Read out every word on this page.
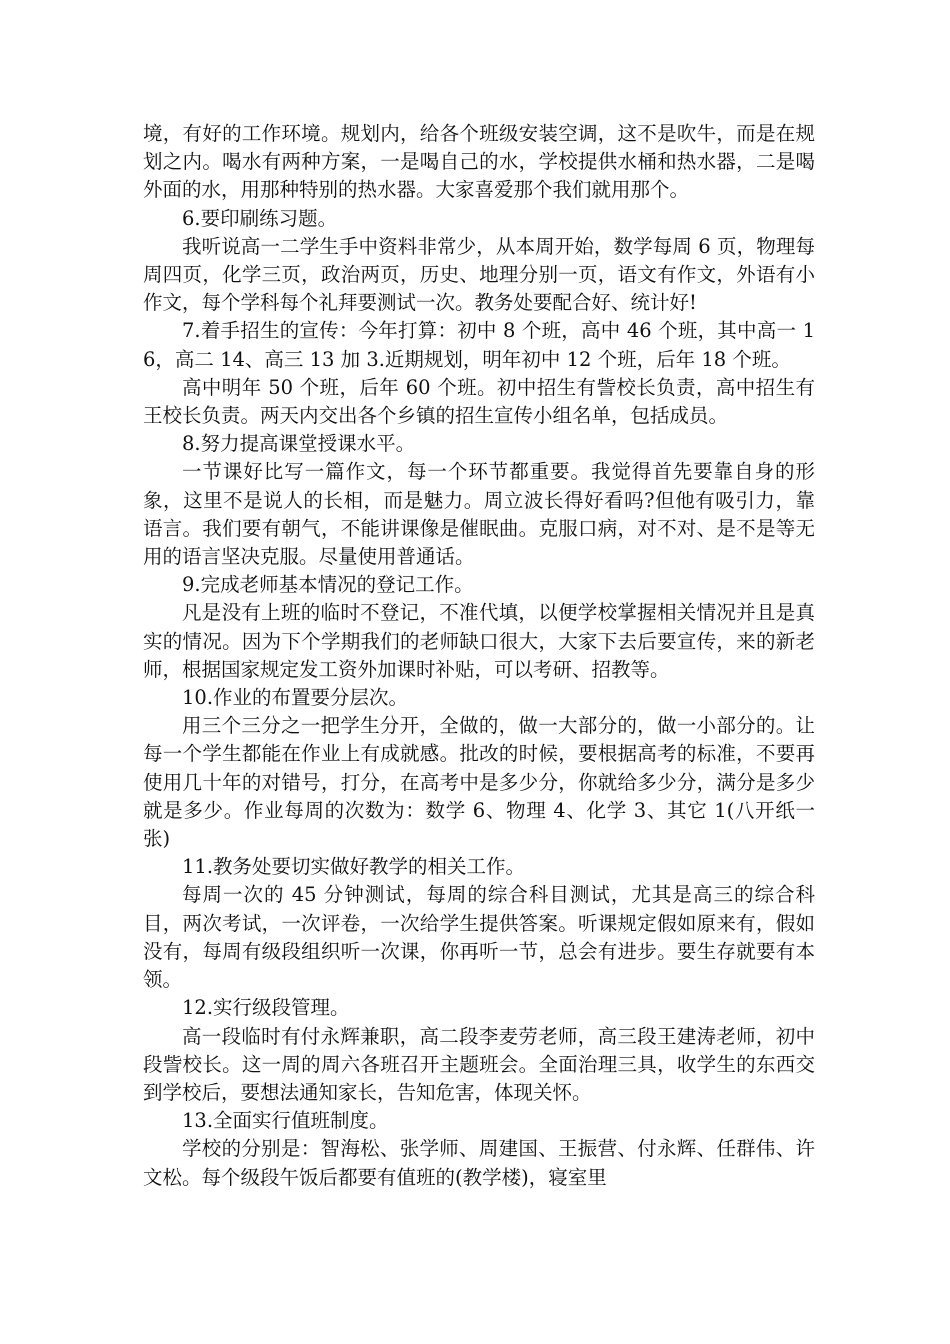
境，有好的工作环境。规划内，给各个班级安装空调，这不是吹牛，而是在规划之内。喝水有两种方案，一是喝自己的水，学校提供水桶和热水器，二是喝外面的水，用那种特别的热水器。大家喜爱那个我们就用那个。

6.要印刷练习题。

我听说高一二学生手中资料非常少，从本周开始，数学每周 6 页，物理每周四页，化学三页，政治两页，历史、地理分别一页，语文有作文，外语有小作文，每个学科每个礼拜要测试一次。教务处要配合好、统计好!

7.着手招生的宣传：今年打算：初中 8 个班，高中 46 个班，其中高一 16，高二 14、高三 13 加 3.近期规划，明年初中 12 个班，后年 18 个班。

高中明年 50 个班，后年 60 个班。初中招生有訾校长负责，高中招生有王校长负责。两天内交出各个乡镇的招生宣传小组名单，包括成员。

8.努力提高课堂授课水平。

一节课好比写一篇作文，每一个环节都重要。我觉得首先要靠自身的形象，这里不是说人的长相，而是魅力。周立波长得好看吗?但他有吸引力，靠语言。我们要有朝气，不能讲课像是催眠曲。克服口病，对不对、是不是等无用的语言坚决克服。尽量使用普通话。

9.完成老师基本情况的登记工作。

凡是没有上班的临时不登记，不准代填，以便学校掌握相关情况并且是真实的情况。因为下个学期我们的老师缺口很大，大家下去后要宣传，来的新老师，根据国家规定发工资外加课时补贴，可以考研、招教等。

10.作业的布置要分层次。

用三个三分之一把学生分开，全做的，做一大部分的，做一小部分的。让每一个学生都能在作业上有成就感。批改的时候，要根据高考的标准，不要再使用几十年的对错号，打分，在高考中是多少分，你就给多少分，满分是多少就是多少。作业每周的次数为：数学 6、物理 4、化学 3、其它 1(八开纸一张)

11.教务处要切实做好教学的相关工作。

每周一次的 45 分钟测试，每周的综合科目测试，尤其是高三的综合科目，两次考试，一次评卷，一次给学生提供答案。听课规定假如原来有，假如没有，每周有级段组织听一次课，你再听一节，总会有进步。要生存就要有本领。

12.实行级段管理。

高一段临时有付永辉兼职，高二段李麦劳老师，高三段王建涛老师，初中段訾校长。这一周的周六各班召开主题班会。全面治理三具，收学生的东西交到学校后，要想法通知家长，告知危害，体现关怀。

13.全面实行值班制度。

学校的分别是：智海松、张学师、周建国、王振营、付永辉、任群伟、许文松。每个级段午饭后都要有值班的(教学楼)，寝室里
